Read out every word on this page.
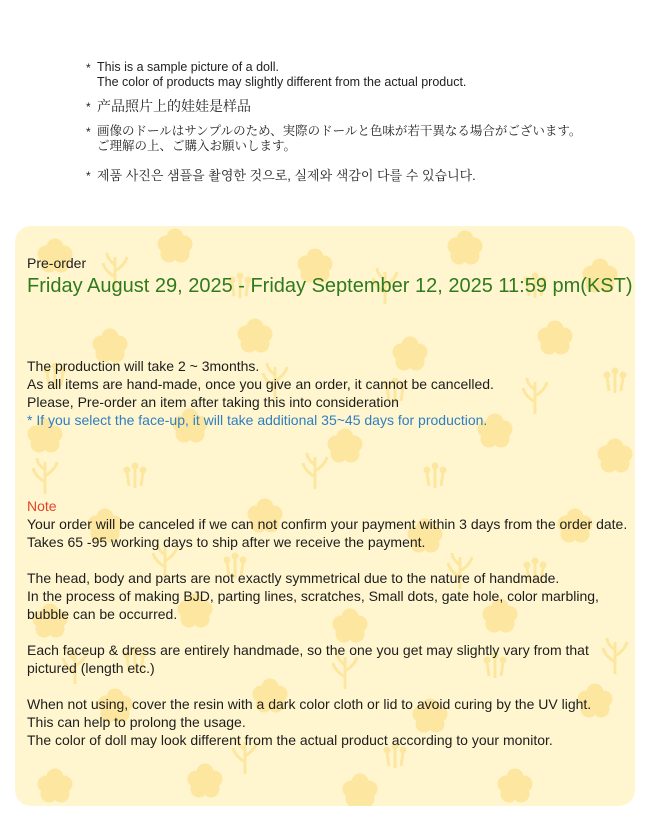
* This is a sample picture of a doll.
The color of products may slightly different from the actual product.
* 产品照片上的娃娃是样品
* 画像のドールはサンプルのため、実際のドールと色味が若干異なる場合がございます。
ご理解の上、ご購入お願いします。
* 제품 사진은 샘플을 촬영한 것으로, 실제와 색감이 다를 수 있습니다.
Pre-order
Friday August 29, 2025 - Friday September 12, 2025 11:59 pm(KST)

The production will take 2 ~ 3months.

As all items are hand-made, once you give an order, it cannot be cancelled.

Please, Pre-order an item after taking this into consideration

* If you select the face-up, it will take additional 35~45 days for production.

Note

Your order will be canceled if we can not confirm your payment within 3 days from the order date.

Takes 65 -95 working days to ship after we receive the payment.

The head, body and parts are not exactly symmetrical due to the nature of handmade.

In the process of making BJD, parting lines, scratches, Small dots, gate hole, color marbling, bubble can be occurred.

Each faceup & dress are entirely handmade, so the one you get may slightly vary from that pictured (length etc.)

When not using, cover the resin with a dark color cloth or lid to avoid curing by the UV light.

This can help to prolong the usage.

The color of doll may look different from the actual product according to your monitor.
